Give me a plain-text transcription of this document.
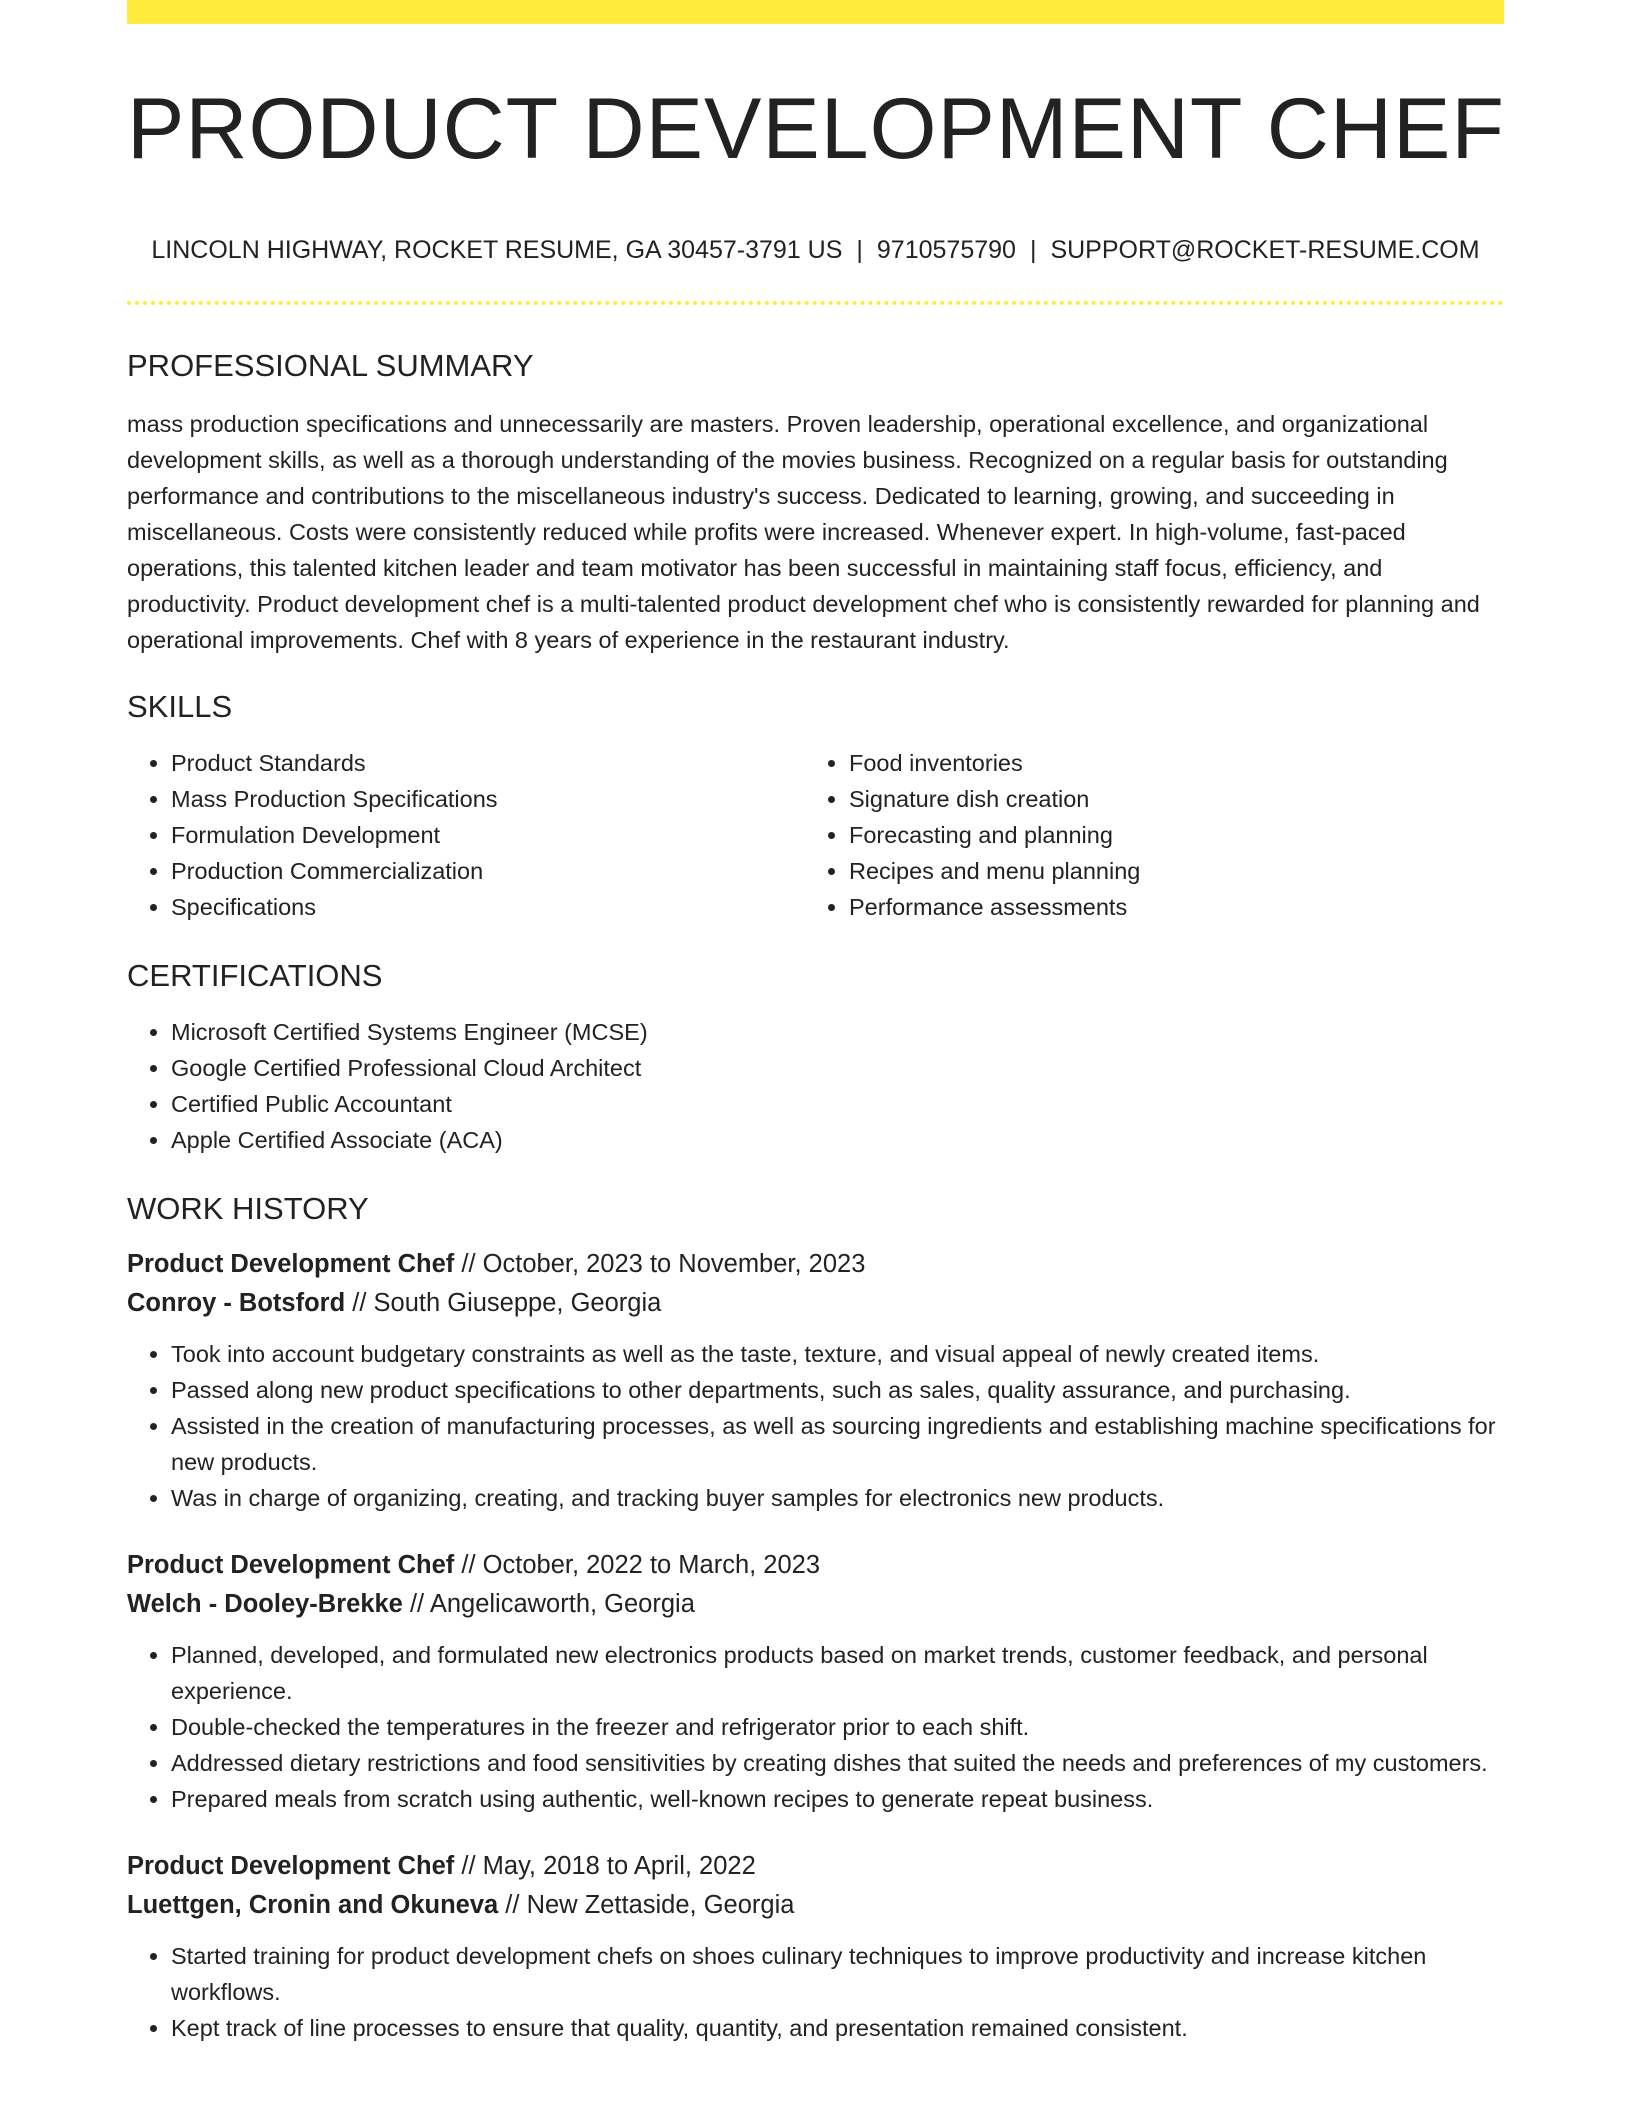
PRODUCT DEVELOPMENT CHEF
LINCOLN HIGHWAY, ROCKET RESUME, GA 30457-3791 US | 9710575790 | SUPPORT@ROCKET-RESUME.COM
PROFESSIONAL SUMMARY
mass production specifications and unnecessarily are masters. Proven leadership, operational excellence, and organizational development skills, as well as a thorough understanding of the movies business. Recognized on a regular basis for outstanding performance and contributions to the miscellaneous industry's success. Dedicated to learning, growing, and succeeding in miscellaneous. Costs were consistently reduced while profits were increased. Whenever expert. In high-volume, fast-paced operations, this talented kitchen leader and team motivator has been successful in maintaining staff focus, efficiency, and productivity. Product development chef is a multi-talented product development chef who is consistently rewarded for planning and operational improvements. Chef with 8 years of experience in the restaurant industry.
SKILLS
• Product Standards
• Mass Production Specifications
• Formulation Development
• Production Commercialization
• Specifications
• Food inventories
• Signature dish creation
• Forecasting and planning
• Recipes and menu planning
• Performance assessments
CERTIFICATIONS
• Microsoft Certified Systems Engineer (MCSE)
• Google Certified Professional Cloud Architect
• Certified Public Accountant
• Apple Certified Associate (ACA)
WORK HISTORY
Product Development Chef // October, 2023 to November, 2023
Conroy - Botsford // South Giuseppe, Georgia
• Took into account budgetary constraints as well as the taste, texture, and visual appeal of newly created items.
• Passed along new product specifications to other departments, such as sales, quality assurance, and purchasing.
• Assisted in the creation of manufacturing processes, as well as sourcing ingredients and establishing machine specifications for new products.
• Was in charge of organizing, creating, and tracking buyer samples for electronics new products.
Product Development Chef // October, 2022 to March, 2023
Welch - Dooley-Brekke // Angelicaworth, Georgia
• Planned, developed, and formulated new electronics products based on market trends, customer feedback, and personal experience.
• Double-checked the temperatures in the freezer and refrigerator prior to each shift.
• Addressed dietary restrictions and food sensitivities by creating dishes that suited the needs and preferences of my customers.
• Prepared meals from scratch using authentic, well-known recipes to generate repeat business.
Product Development Chef // May, 2018 to April, 2022
Luettgen, Cronin and Okuneva // New Zettaside, Georgia
• Started training for product development chefs on shoes culinary techniques to improve productivity and increase kitchen workflows.
• Kept track of line processes to ensure that quality, quantity, and presentation remained consistent.
